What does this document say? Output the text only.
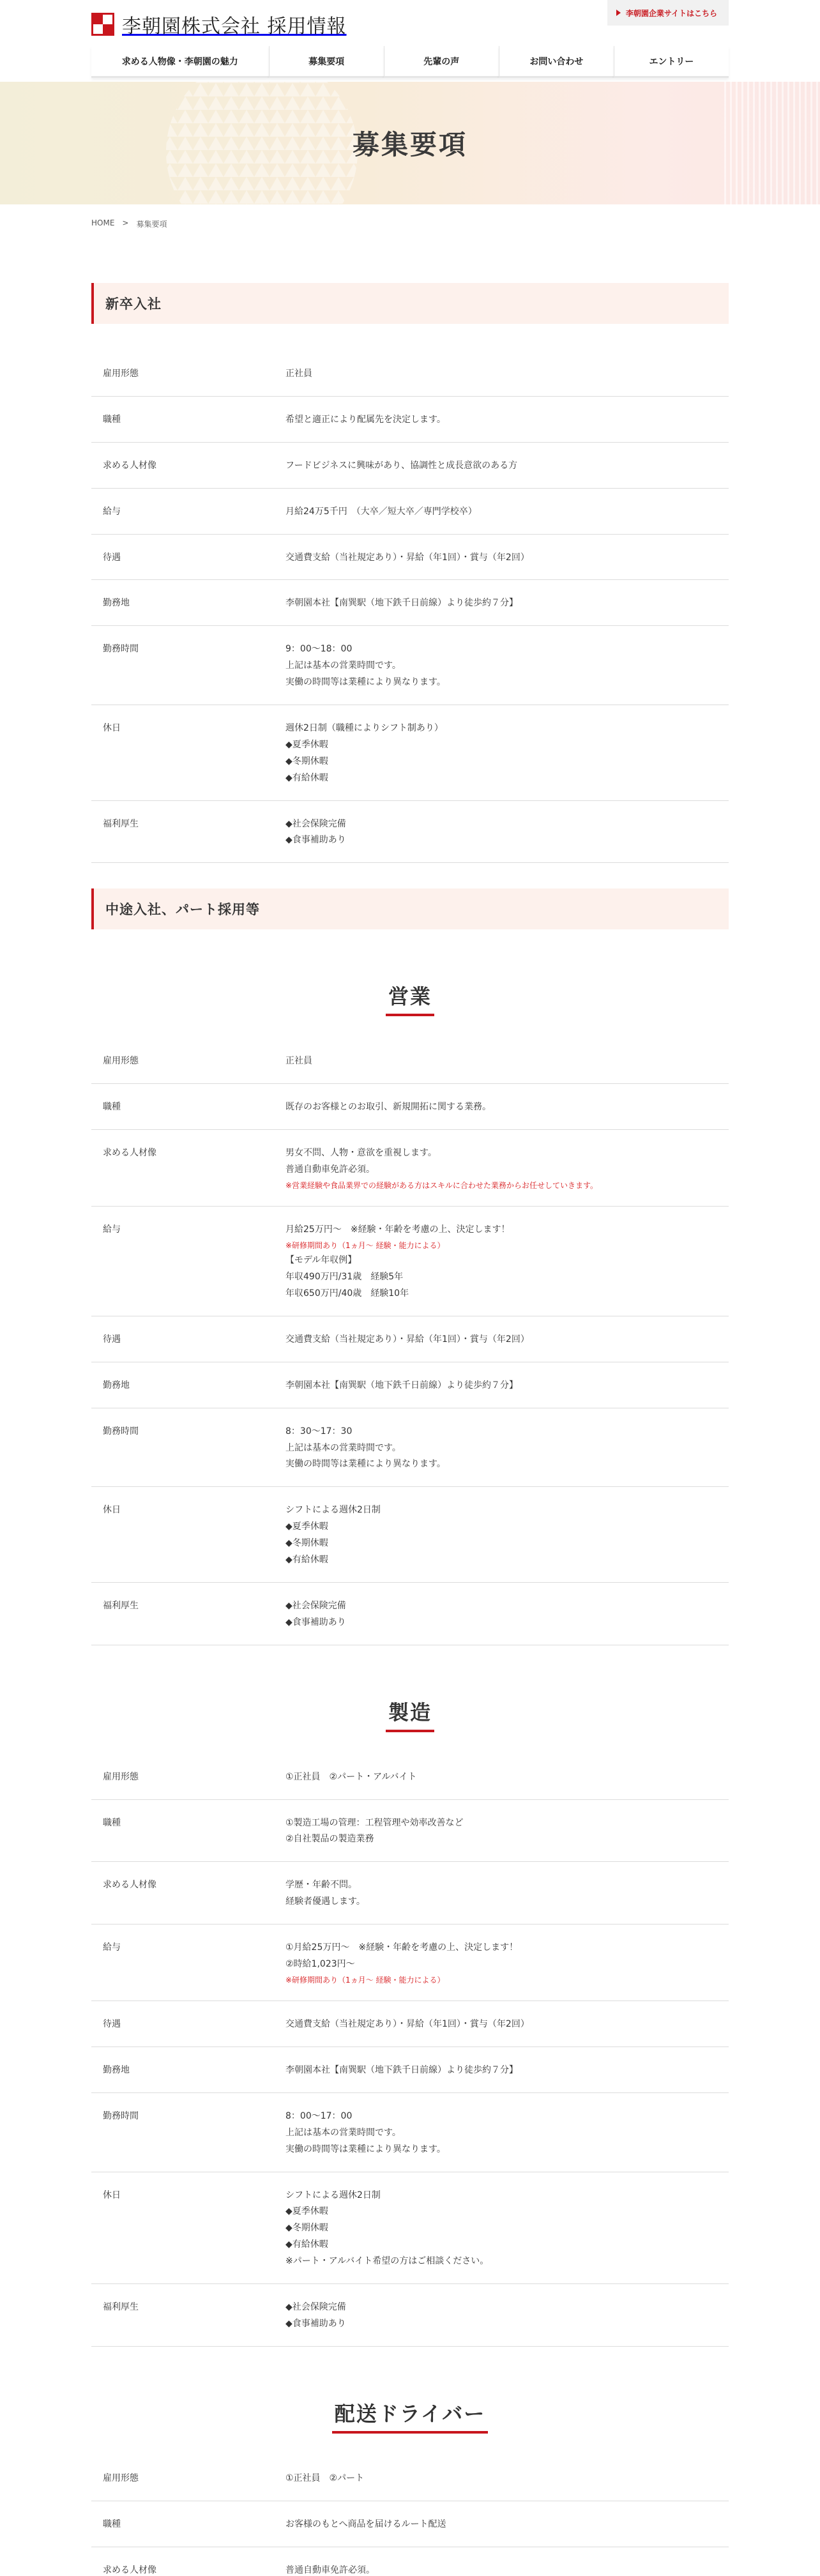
李朝園株式会社 採用情報
李朝園企業サイトはこちら
求める人物像・李朝園の魅力	募集要項	先輩の声	お問い合わせ	エントリー
募集要項
HOME > 募集要項
新卒入社
雇用形態	正社員
職種	希望と適正により配属先を決定します。
求める人材像	フードビジネスに興味があり、協調性と成長意欲のある方
給与	月給24万5千円　（大卒／短大卒／専門学校卒）
待遇	交通費支給（当社規定あり）・昇給（年1回）・賞与（年2回）
勤務地	李朝園本社【南巽駅（地下鉄千日前線）より徒歩約７分】
勤務時間	9：00〜18：00
上記は基本の営業時間です。
実働の時間等は業種により異なります。
休日	週休2日制（職種によりシフト制あり）
◆夏季休暇
◆冬期休暇
◆有給休暇
福利厚生	◆社会保険完備
◆食事補助あり
中途入社、パート採用等
営業
雇用形態	正社員
職種	既存のお客様とのお取引、新規開拓に関する業務。
求める人材像	男女不問、人物・意欲を重視します。
普通自動車免許必須。
※営業経験や食品業界での経験がある方はスキルに合わせた業務からお任せしていきます。
給与	月給25万円〜　※経験・年齢を考慮の上、決定します！
※研修期間あり（1ヵ月〜 経験・能力による）
【モデル年収例】
年収490万円/31歳　経験5年
年収650万円/40歳　経験10年
待遇	交通費支給（当社規定あり）・昇給（年1回）・賞与（年2回）
勤務地	李朝園本社【南巽駅（地下鉄千日前線）より徒歩約７分】
勤務時間	8：30〜17：30
上記は基本の営業時間です。
実働の時間等は業種により異なります。
休日	シフトによる週休2日制
◆夏季休暇
◆冬期休暇
◆有給休暇
福利厚生	◆社会保険完備
◆食事補助あり
製造
雇用形態	①正社員　②パート・アルバイト
職種	①製造工場の管理：工程管理や効率改善など
②自社製品の製造業務
求める人材像	学歴・年齢不問。
経験者優遇します。
給与	①月給25万円〜　※経験・年齢を考慮の上、決定します！
②時給1,023円〜
※研修期間あり（1ヵ月〜 経験・能力による）
待遇	交通費支給（当社規定あり）・昇給（年1回）・賞与（年2回）
勤務地	李朝園本社【南巽駅（地下鉄千日前線）より徒歩約７分】
勤務時間	8：00〜17：00
上記は基本の営業時間です。
実働の時間等は業種により異なります。
休日	シフトによる週休2日制
◆夏季休暇
◆冬期休暇
◆有給休暇
※パート・アルバイト希望の方はご相談ください。
福利厚生	◆社会保険完備
◆食事補助あり
配送ドライバー
雇用形態	①正社員　②パート
職種	お客様のもとへ商品を届けるルート配送
求める人材像	普通自動車免許必須。
